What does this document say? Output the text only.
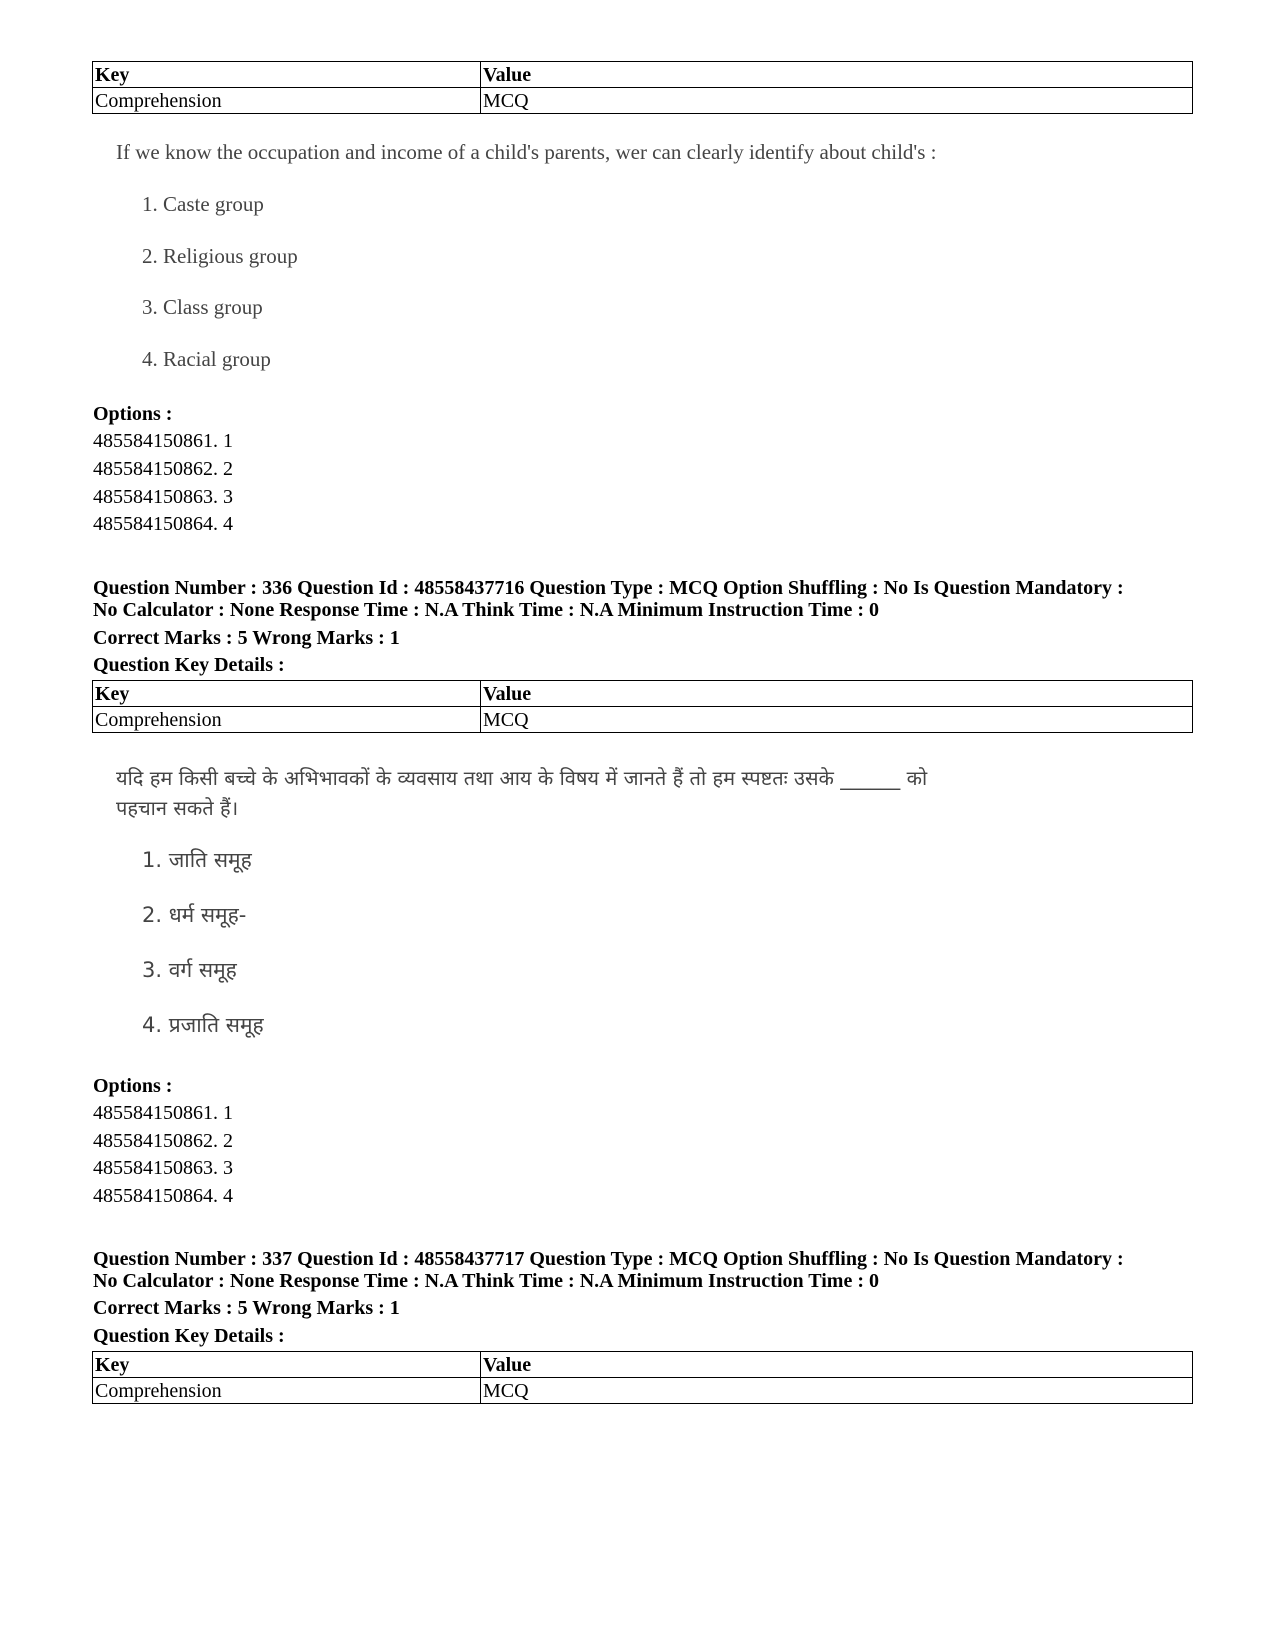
Key	Value
Comprehension	MCQ
If we know the occupation and income of a child's parents, wer can clearly identify about child's :
1. Caste group
2. Religious group
3. Class group
4. Racial group
Options :
485584150861. 1
485584150862. 2
485584150863. 3
485584150864. 4
Question Number : 336 Question Id : 48558437716 Question Type : MCQ Option Shuffling : No Is Question Mandatory :
No Calculator : None Response Time : N.A Think Time : N.A Minimum Instruction Time : 0
Correct Marks : 5 Wrong Marks : 1
Question Key Details :
Key	Value
Comprehension	MCQ
यदि हम किसी बच्चे के अभिभावकों के व्यवसाय तथा आय के विषय में जानते हैं तो हम स्पष्टतः उसके ______ को
पहचान सकते हैं।
1. जाति समूह
2. धर्म समूह-
3. वर्ग समूह
4. प्रजाति समूह
Options :
485584150861. 1
485584150862. 2
485584150863. 3
485584150864. 4
Question Number : 337 Question Id : 48558437717 Question Type : MCQ Option Shuffling : No Is Question Mandatory :
No Calculator : None Response Time : N.A Think Time : N.A Minimum Instruction Time : 0
Correct Marks : 5 Wrong Marks : 1
Question Key Details :
Key	Value
Comprehension	MCQ
